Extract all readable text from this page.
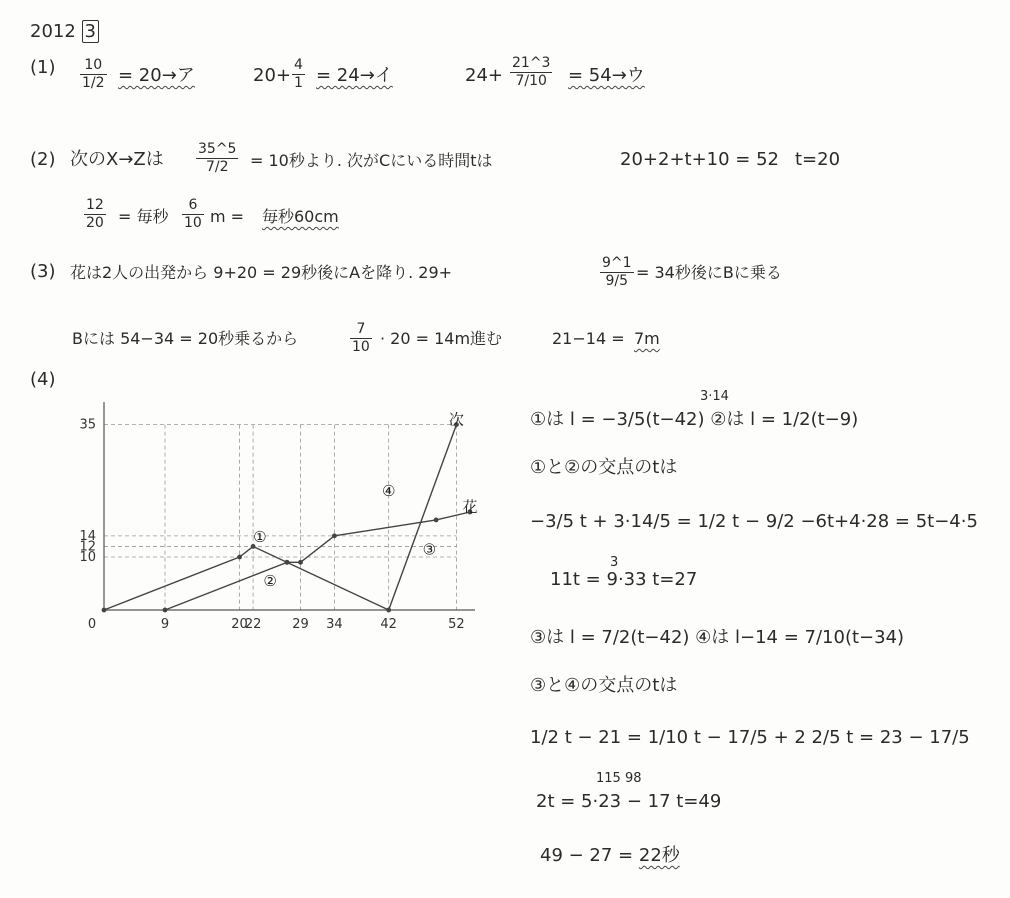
2012 3
(1) 10
1/2 = 20→ア	20+ 4
1 = 24→イ	24+
21^3
7/10 = 54→ウ
(2) 次のX→Zは 35^5
7/2 = 10秒より. 次がCにいる時間tは	20+2+t+10 = 52 t=20
12
20 = 毎秒
6
10 m = 毎秒60cm
(3) 花は2人の出発から 9+20 = 29秒後にAを降り. 29+	9^1
9/5 = 34秒後にBに乗る
Bには 54−34 = 20秒乗るから	7
10 · 20 = 14m進む	21−14 = 7m
(4)
10
12
14
35
0	9	20
22 29 34	42	52
次
花
①
②
③
④
3·14
①は l = −3/5(t−42) ②は l = 1/2(t−9)
①と②の交点のtは
−3/5 t + 3·14/5 = 1/2 t − 9/2 −6t+4·28 = 5t−4·5
3
11t = 9·33 t=27
③は l = 7/2(t−42) ④は l−14 = 7/10(t−34)
③と④の交点のtは
1/2 t − 21 = 1/10 t − 17/5 + 2 2/5 t = 23 − 17/5
115 98
2t = 5·23 − 17 t=49
49 − 27 = 22秒
